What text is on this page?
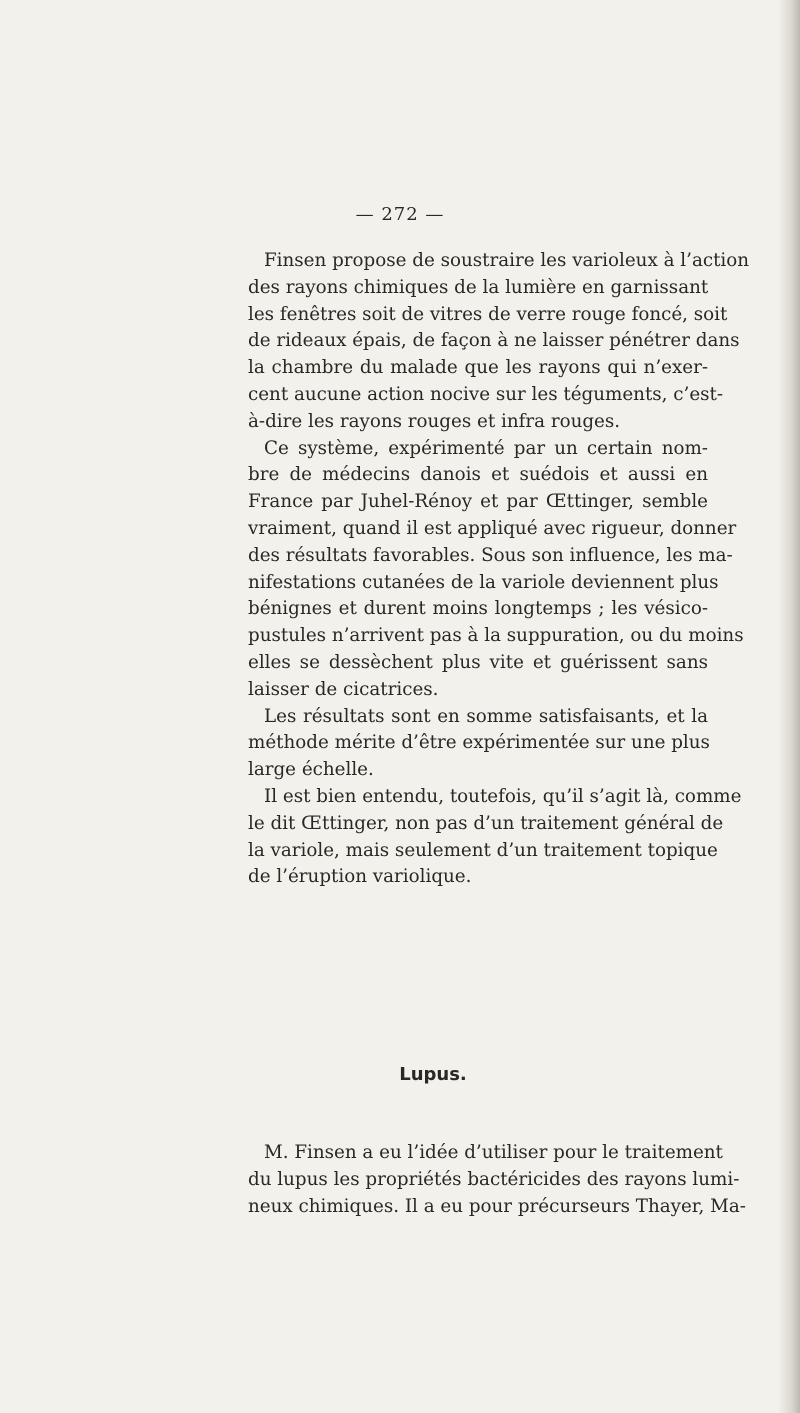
— 272 —

Finsen propose de soustraire les varioleux à l’action
des rayons chimiques de la lumière en garnissant
les fenêtres soit de vitres de verre rouge foncé, soit
de rideaux épais, de façon à ne laisser pénétrer dans
la chambre du malade que les rayons qui n’exer-
cent aucune action nocive sur les téguments, c’est-
à-dire les rayons rouges et infra rouges.

Ce système, expérimenté par un certain nom-
bre de médecins danois et suédois et aussi en
France par Juhel-Rénoy et par Œttinger, semble
vraiment, quand il est appliqué avec rigueur, donner
des résultats favorables. Sous son influence, les ma-
nifestations cutanées de la variole deviennent plus
bénignes et durent moins longtemps ; les vésico-
pustules n’arrivent pas à la suppuration, ou du moins
elles se dessèchent plus vite et guérissent sans
laisser de cicatrices.

Les résultats sont en somme satisfaisants, et la
méthode mérite d’être expérimentée sur une plus
large échelle.

Il est bien entendu, toutefois, qu’il s’agit là, comme
le dit Œttinger, non pas d’un traitement général de
la variole, mais seulement d’un traitement topique
de l’éruption variolique.

Lupus.

M. Finsen a eu l’idée d’utiliser pour le traitement
du lupus les propriétés bactéricides des rayons lumi-
neux chimiques. Il a eu pour précurseurs Thayer, Ma-
